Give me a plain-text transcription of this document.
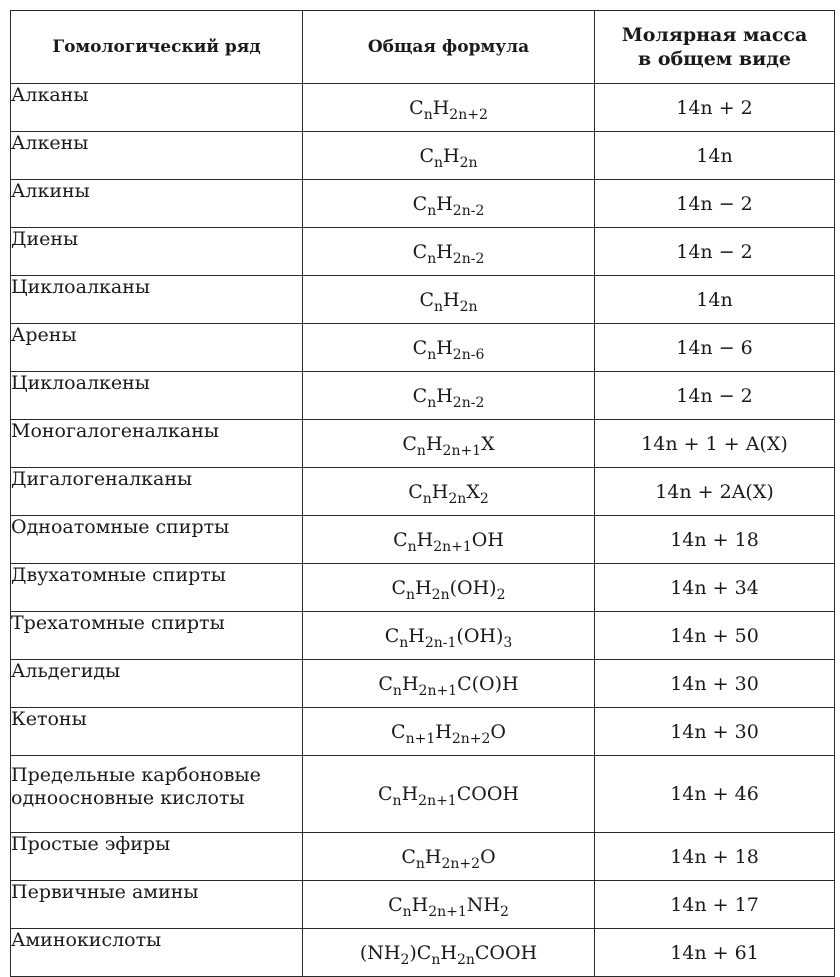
Гомологический ряд	Общая формула	Молярная масса
в общем виде
Алканы	$C_nH_{2n+2}$	14n + 2
Алкены	$C_nH_{2n}$	14n
Алкины	$C_nH_{2n-2}$	14n − 2
Диены	$C_nH_{2n-2}$	14n − 2
Циклоалканы	$C_nH_{2n}$	14n
Арены	$C_nH_{2n-6}$	14n − 6
Циклоалкены	$C_nH_{2n-2}$	14n − 2
Моногалогеналканы	$C_nH_{2n+1}X$	14n + 1 + A(X)
Дигалогеналканы	$C_nH_{2n}X_2$	14n + 2A(X)
Одноатомные спирты	$C_nH_{2n+1}OH$	14n + 18
Двухатомные спирты	$C_nH_{2n}(OH)_2$	14n + 34
Трехатомные спирты	$C_nH_{2n-1}(OH)_3$	14n + 50
Альдегиды	$C_nH_{2n+1}C(O)H$	14n + 30
Кетоны	$C_{n+1}H_{2n+2}O$	14n + 30
Предельные карбоновые одноосновные кислоты	$C_nH_{2n+1}COOH$	14n + 46
Простые эфиры	$C_nH_{2n+2}O$	14n + 18
Первичные амины	$C_nH_{2n+1}NH_2$	14n + 17
Аминокислоты	$(NH_2)C_nH_{2n}COOH$	14n + 61
